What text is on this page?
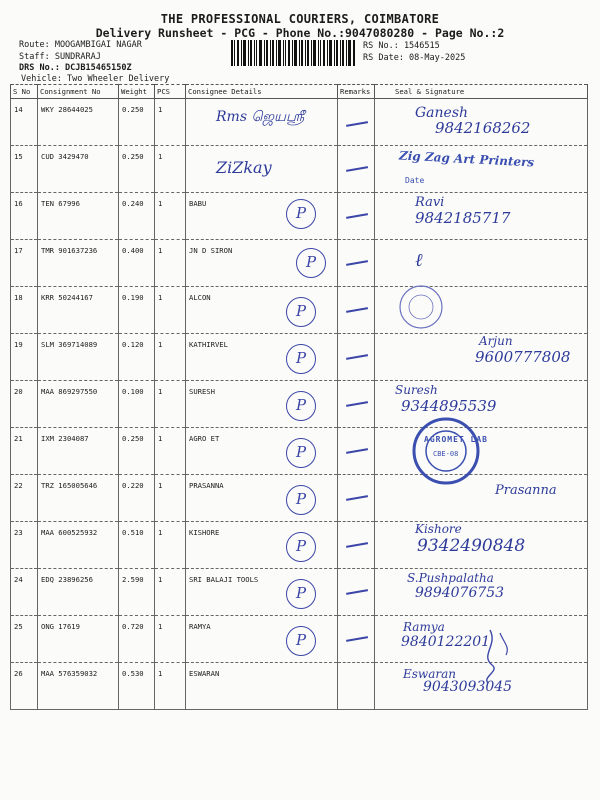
THE PROFESSIONAL COURIERS, COIMBATORE
Delivery Runsheet - PCG - Phone No.:9047080280 - Page No.:2
Route: MOOGAMBIGAI NAGAR
Staff: SUNDRARAJ
DRS No.: DCJB15465150Z
Vehicle: Two Wheeler Delivery
RS No.: 1546515
RS Date: 08-May-2025
S No	Consignment No	Weight	PCS	Consignee Details	Remarks	Seal & Signature
14	WKY 28644025	0.250	1	Rms ஜெயஸ்ரீ		Ganesh
9842168262

15	CUD 3429470	0.250	1	ZiZkay		Zig Zag Art Printers
Date

16	TEN 67996	0.240	1	BABU
P		Ravi
9842185717

17	TMR 901637236	0.400	1	JN D SIRON
P		ℓ

18	KRR 50244167	0.190	1	ALCON
P

19	SLM 369714089	0.120	1	KATHIRVEL
P		Arjun
9600777808

20	MAA 869297550	0.100	1	SURESH
P		Suresh
9344895539

21	IXM 2304087	0.250	1	AGRO ET
P		AGROMET LAB
CBE-08

22	TRZ 165005646	0.220	1	PRASANNA
P		Prasanna

23	MAA 600525932	0.510	1	KISHORE
P		Kishore
9342490848

24	EDQ 23896256	2.590	1	SRI BALAJI TOOLS
P		S.Pushpalatha
9894076753

25	ONG 17619	0.720	1	RAMYA
P		Ramya
9840122201

26	MAA 576359032	0.530	1	ESWARAN		Eswaran
9043093045
